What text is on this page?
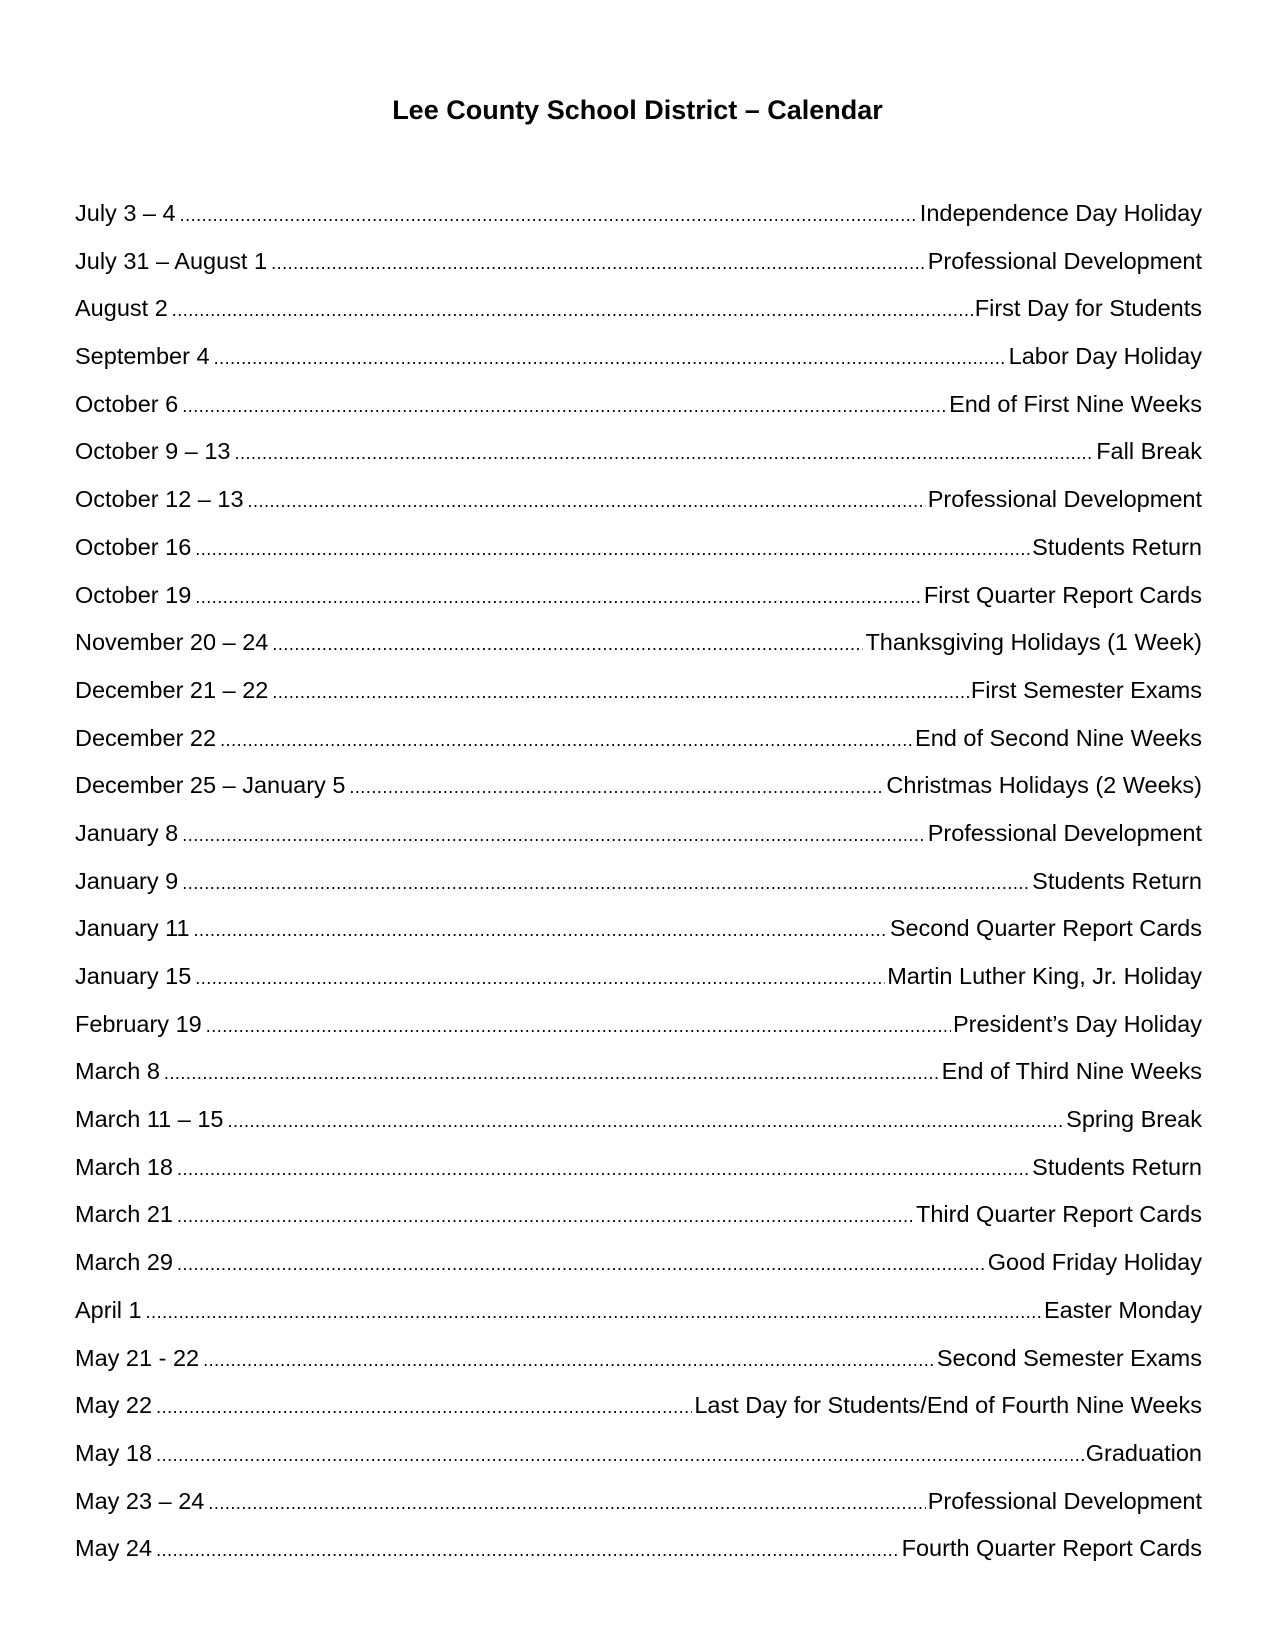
Lee County School District – Calendar
July 3 – 4 .....	Independence Day Holiday
July 31 – August 1 .....	Professional Development
August 2 .....	First Day for Students
September 4 .....	Labor Day Holiday
October 6 .....	End of First Nine Weeks
October 9 – 13 .....	Fall Break
October 12 – 13 .....	Professional Development
October 16 .....	Students Return
October 19 .....	First Quarter Report Cards
November 20 – 24 .....	Thanksgiving Holidays (1 Week)
December 21 – 22 .....	First Semester Exams
December 22 .....	End of Second Nine Weeks
December 25 – January 5 .....	Christmas Holidays (2 Weeks)
January 8 .....	Professional Development
January 9 .....	Students Return
January 11 .....	Second Quarter Report Cards
January 15 .....	Martin Luther King, Jr. Holiday
February 19 .....	President’s Day Holiday
March 8 .....	End of Third Nine Weeks
March 11 – 15 .....	Spring Break
March 18 .....	Students Return
March 21 .....	Third Quarter Report Cards
March 29 .....	Good Friday Holiday
April 1 .....	Easter Monday
May 21 - 22 .....	Second Semester Exams
May 22 .....	Last Day for Students/End of Fourth Nine Weeks
May 18 .....	Graduation
May 23 – 24 .....	Professional Development
May 24 .....	Fourth Quarter Report Cards
